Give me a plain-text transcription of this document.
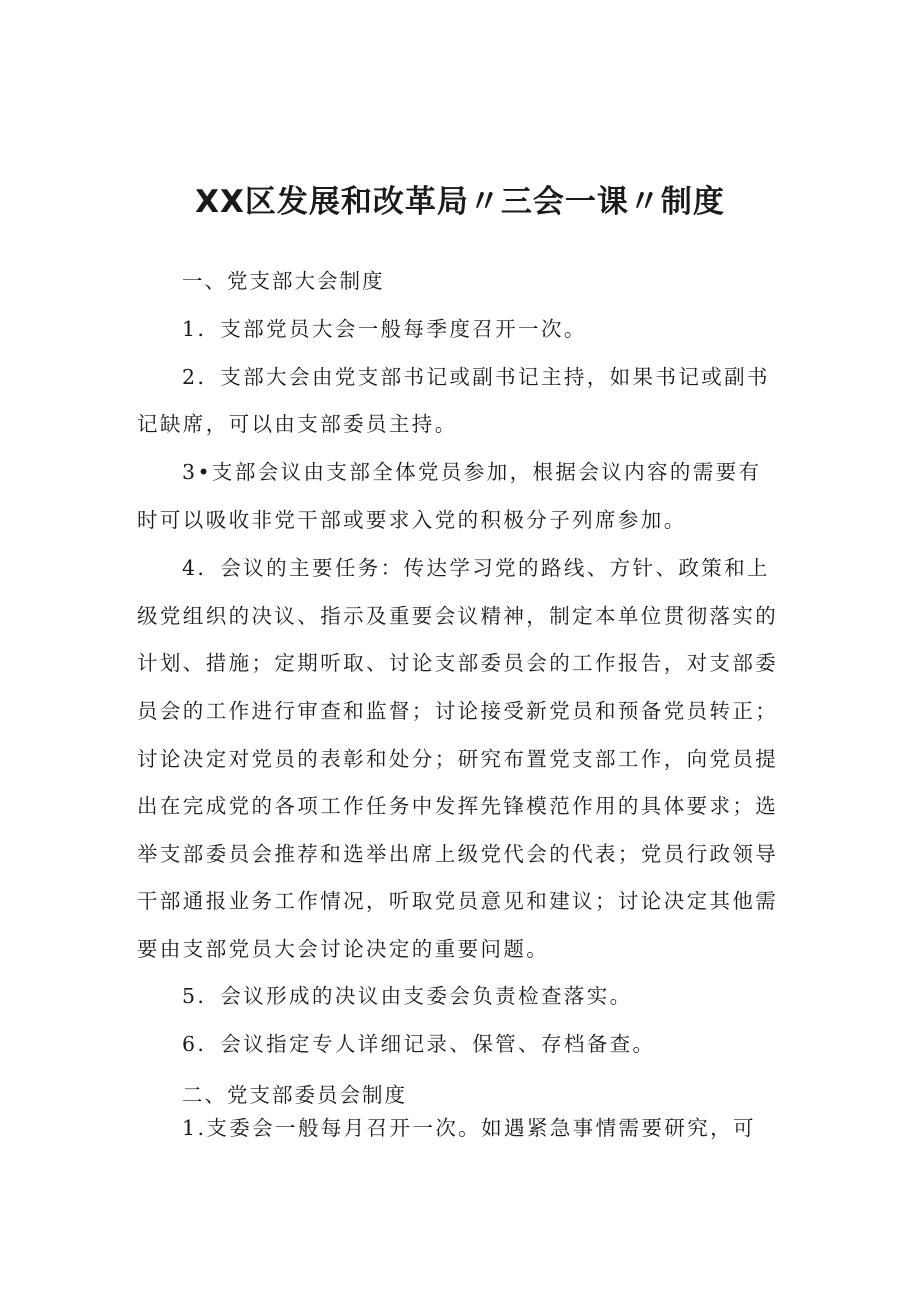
XX区发展和改革局〃三会一课〃制度
一、党支部大会制度
1．支部党员大会一般每季度召开一次。
2．支部大会由党支部书记或副书记主持，如果书记或副书
记缺席，可以由支部委员主持。
3•支部会议由支部全体党员参加，根据会议内容的需要有
时可以吸收非党干部或要求入党的积极分子列席参加。
4．会议的主要任务：传达学习党的路线、方针、政策和上
级党组织的决议、指示及重要会议精神，制定本单位贯彻落实的
计划、措施；定期听取、讨论支部委员会的工作报告，对支部委
员会的工作进行审查和监督；讨论接受新党员和预备党员转正；
讨论决定对党员的表彰和处分；研究布置党支部工作，向党员提
出在完成党的各项工作任务中发挥先锋模范作用的具体要求；选
举支部委员会推荐和选举出席上级党代会的代表；党员行政领导
干部通报业务工作情况，听取党员意见和建议；讨论决定其他需
要由支部党员大会讨论决定的重要问题。
5．会议形成的决议由支委会负责检查落实。
6．会议指定专人详细记录、保管、存档备查。
二、党支部委员会制度
1.支委会一般每月召开一次。如遇紧急事情需要研究，可
